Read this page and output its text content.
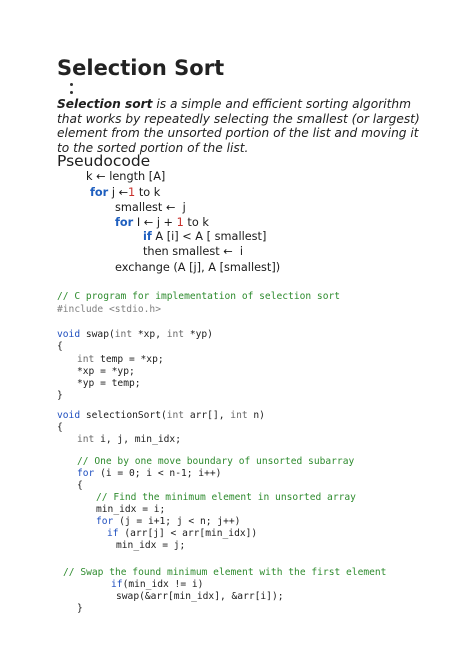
Selection Sort
Selection sort is a simple and efficient sorting algorithm that works by repeatedly selecting the smallest (or largest) element from the unsorted portion of the list and moving it to the sorted portion of the list.
Pseudocode
k ← length [A]
for j ←1 to k
smallest ←  j
for I ← j + 1 to k
if A [i] < A [ smallest]
then smallest ←  i
exchange (A [j], A [smallest])
// C program for implementation of selection sort
#include <stdio.h>
void swap(int *xp, int *yp)
{
int temp = *xp;
*xp = *yp;
*yp = temp;
}
void selectionSort(int arr[], int n)
{
int i, j, min_idx;
// One by one move boundary of unsorted subarray
for (i = 0; i < n-1; i++)
{
// Find the minimum element in unsorted array
min_idx = i;
for (j = i+1; j < n; j++)
if (arr[j] < arr[min_idx])
min_idx = j;
// Swap the found minimum element with the first element
if(min_idx != i)
swap(&arr[min_idx], &arr[i]);
}
